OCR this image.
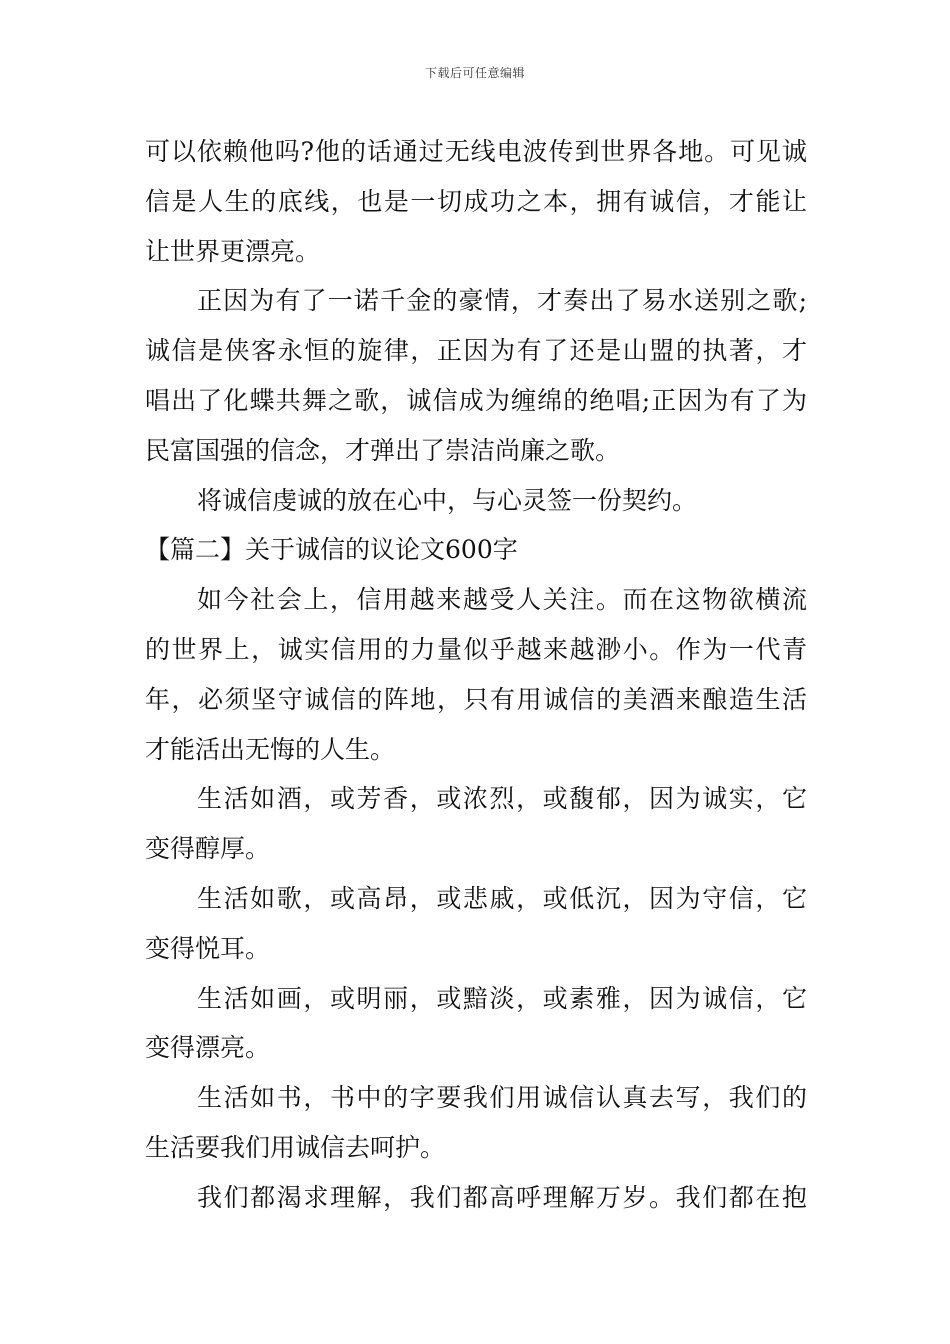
下载后可任意编辑
可以依赖他吗?他的话通过无线电波传到世界各地。可见诚
信是人生的底线，也是一切成功之本，拥有诚信，才能让
让世界更漂亮。
正因为有了一诺千金的豪情，才奏出了易水送别之歌;
诚信是侠客永恒的旋律，正因为有了还是山盟的执著，才
唱出了化蝶共舞之歌，诚信成为缠绵的绝唱;正因为有了为
民富国强的信念，才弹出了崇洁尚廉之歌。
将诚信虔诚的放在心中，与心灵签一份契约。
【篇二】关于诚信的议论文600字
如今社会上，信用越来越受人关注。而在这物欲横流
的世界上，诚实信用的力量似乎越来越渺小。作为一代青
年，必须坚守诚信的阵地，只有用诚信的美酒来酿造生活
才能活出无悔的人生。
生活如酒，或芳香，或浓烈，或馥郁，因为诚实，它
变得醇厚。
生活如歌，或高昂，或悲戚，或低沉，因为守信，它
变得悦耳。
生活如画，或明丽，或黯淡，或素雅，因为诚信，它
变得漂亮。
生活如书，书中的字要我们用诚信认真去写，我们的
生活要我们用诚信去呵护。
我们都渴求理解，我们都高呼理解万岁。我们都在抱
